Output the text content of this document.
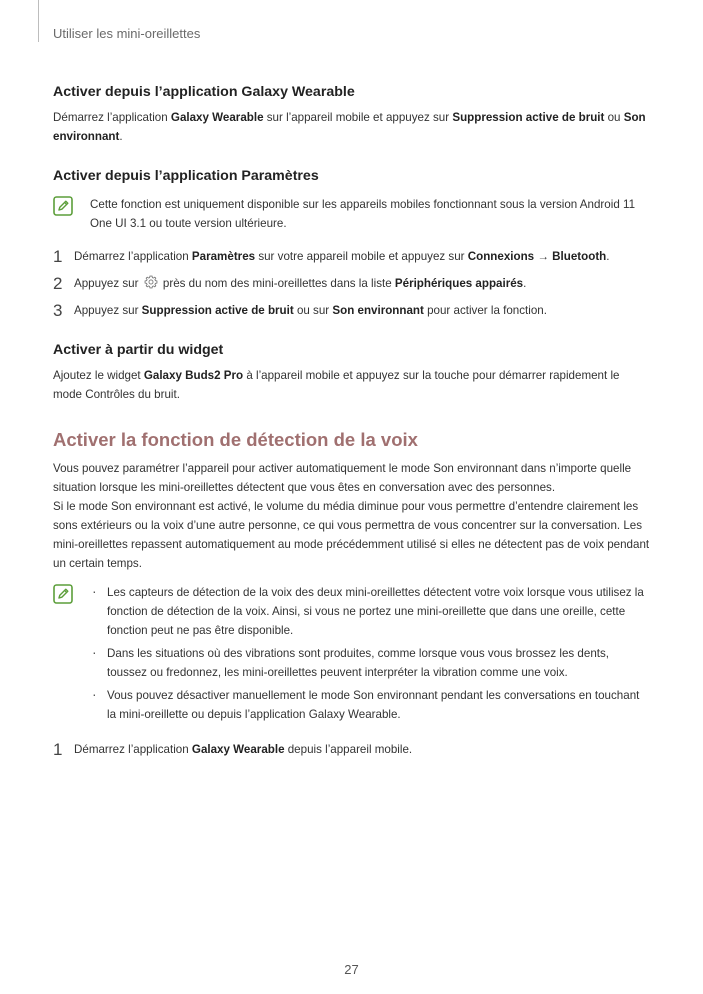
Utiliser les mini-oreillettes
Activer depuis l’application Galaxy Wearable

Démarrez l’application Galaxy Wearable sur l’appareil mobile et appuyez sur Suppression active de bruit ou Son environnant.

Activer depuis l’application Paramètres
Cette fonction est uniquement disponible sur les appareils mobiles fonctionnant sous la version Android 11 One UI 3.1 ou toute version ultérieure.
1 Démarrez l’application Paramètres sur votre appareil mobile et appuyez sur Connexions → Bluetooth.
2 Appuyez sur  près du nom des mini-oreillettes dans la liste Périphériques appairés.
3 Appuyez sur Suppression active de bruit ou sur Son environnant pour activer la fonction.
Activer à partir du widget

Ajoutez le widget Galaxy Buds2 Pro à l’appareil mobile et appuyez sur la touche pour démarrer rapidement le mode Contrôles du bruit.

Activer la fonction de détection de la voix

Vous pouvez paramétrer l’appareil pour activer automatiquement le mode Son environnant dans n’importe quelle situation lorsque les mini-oreillettes détectent que vous êtes en conversation avec des personnes.

Si le mode Son environnant est activé, le volume du média diminue pour vous permettre d’entendre clairement les sons extérieurs ou la voix d’une autre personne, ce qui vous permettra de vous concentrer sur la conversation. Les mini-oreillettes repassent automatiquement au mode précédemment utilisé si elles ne détectent pas de voix pendant un certain temps.

· Les capteurs de détection de la voix des deux mini-oreillettes détectent votre voix lorsque vous utilisez la fonction de détection de la voix. Ainsi, si vous ne portez une mini-oreillette que dans une oreille, cette fonction peut ne pas être disponible.
· Dans les situations où des vibrations sont produites, comme lorsque vous vous brossez les dents, toussez ou fredonnez, les mini-oreillettes peuvent interpréter la vibration comme une voix.
· Vous pouvez désactiver manuellement le mode Son environnant pendant les conversations en touchant la mini-oreillette ou depuis l’application Galaxy Wearable.
1 Démarrez l’application Galaxy Wearable depuis l’appareil mobile.
27
